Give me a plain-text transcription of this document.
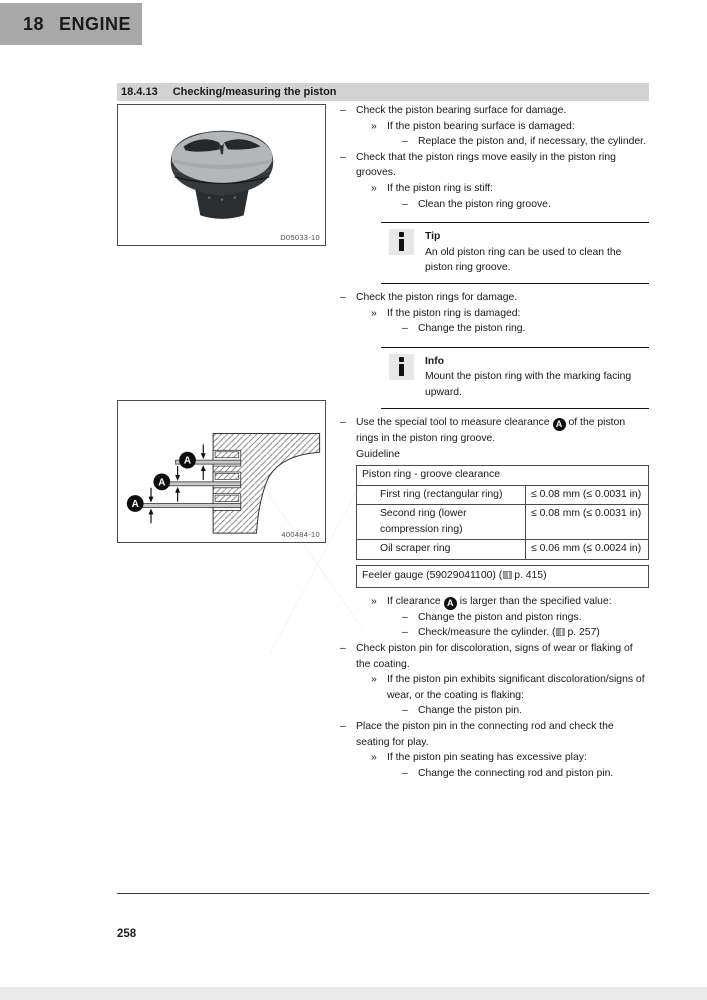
18 ENGINE
18.4.13 Checking/measuring the piston
D05033-10
A
A
A
400484-10
– Check the piston bearing surface for damage.
» If the piston bearing surface is damaged:
– Replace the piston and, if necessary, the cylinder.
– Check that the piston rings move easily in the piston ring grooves.
» If the piston ring is stiff:
– Clean the piston ring groove.
Tip
An old piston ring can be used to clean the piston ring groove.
– Check the piston rings for damage.
» If the piston ring is damaged:
– Change the piston ring.
Info
Mount the piston ring with the marking facing upward.
– Use the special tool to measure clearance A of the piston rings in the piston ring groove.
Guideline
Piston ring - groove clearance	
First ring (rectangular ring)	≤ 0.08 mm (≤ 0.0031 in)
Second ring (lower compression ring)	≤ 0.08 mm (≤ 0.0031 in)
Oil scraper ring	≤ 0.06 mm (≤ 0.0024 in)
Feeler gauge (59029041100) ( p. 415)
» If clearance A is larger than the specified value:
– Change the piston and piston rings.
– Check/measure the cylinder. ( p. 257)
– Check piston pin for discoloration, signs of wear or flaking of the coating.
» If the piston pin exhibits significant discoloration/signs of wear, or the coating is flaking:
– Change the piston pin.
– Place the piston pin in the connecting rod and check the seating for play.
» If the piston pin seating has excessive play:
– Change the connecting rod and piston pin.
258
